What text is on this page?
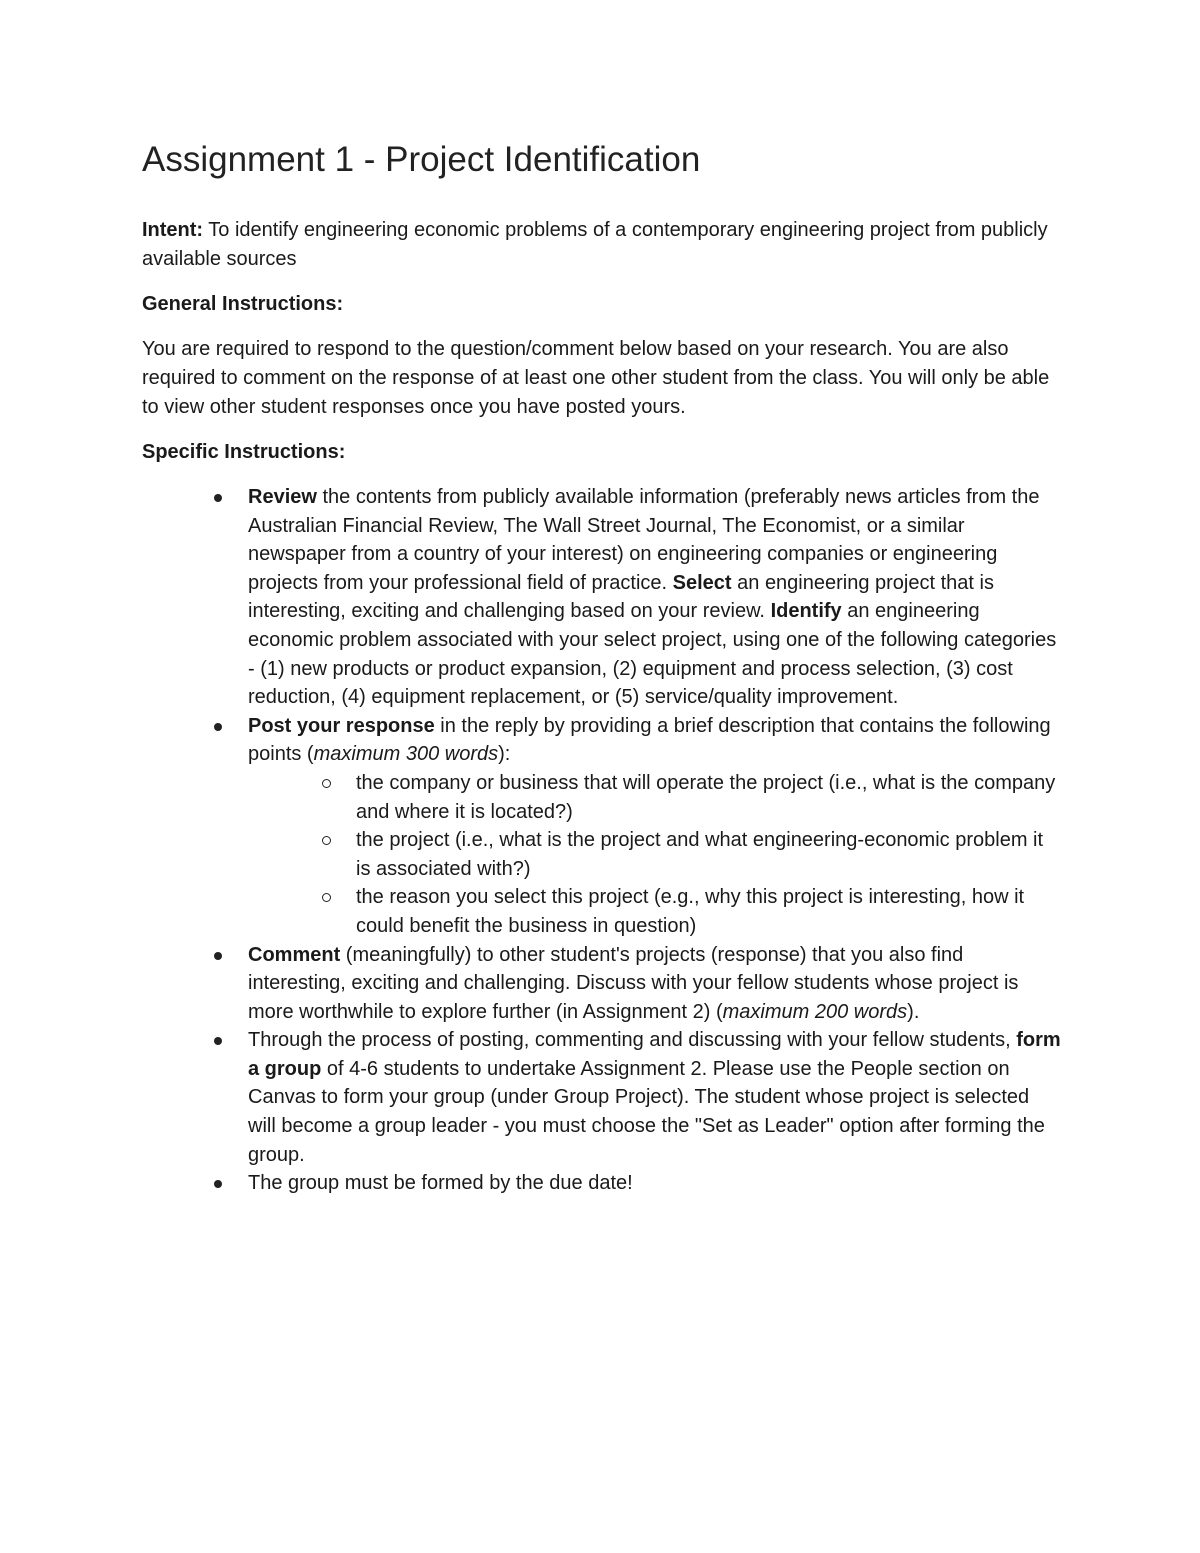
Assignment 1 - Project Identification

Intent: To identify engineering economic problems of a contemporary engineering project from publicly available sources

General Instructions:

You are required to respond to the question/comment below based on your research. You are also required to comment on the response of at least one other student from the class. You will only be able to view other student responses once you have posted yours.

Specific Instructions:

Review the contents from publicly available information (preferably news articles from the Australian Financial Review, The Wall Street Journal, The Economist, or a similar newspaper from a country of your interest) on engineering companies or engineering projects from your professional field of practice. Select an engineering project that is interesting, exciting and challenging based on your review. Identify an engineering economic problem associated with your select project, using one of the following categories - (1) new products or product expansion, (2) equipment and process selection, (3) cost reduction, (4) equipment replacement, or (5) service/quality improvement.
Post your response in the reply by providing a brief description that contains the following points (maximum 300 words):
the company or business that will operate the project (i.e., what is the company and where it is located?)
the project (i.e., what is the project and what engineering-economic problem it is associated with?)
the reason you select this project (e.g., why this project is interesting, how it could benefit the business in question)
Comment (meaningfully) to other student's projects (response) that you also find interesting, exciting and challenging. Discuss with your fellow students whose project is more worthwhile to explore further (in Assignment 2) (maximum 200 words).
Through the process of posting, commenting and discussing with your fellow students, form a group of 4-6 students to undertake Assignment 2. Please use the People section on Canvas to form your group (under Group Project). The student whose project is selected will become a group leader - you must choose the "Set as Leader" option after forming the group.
The group must be formed by the due date!
